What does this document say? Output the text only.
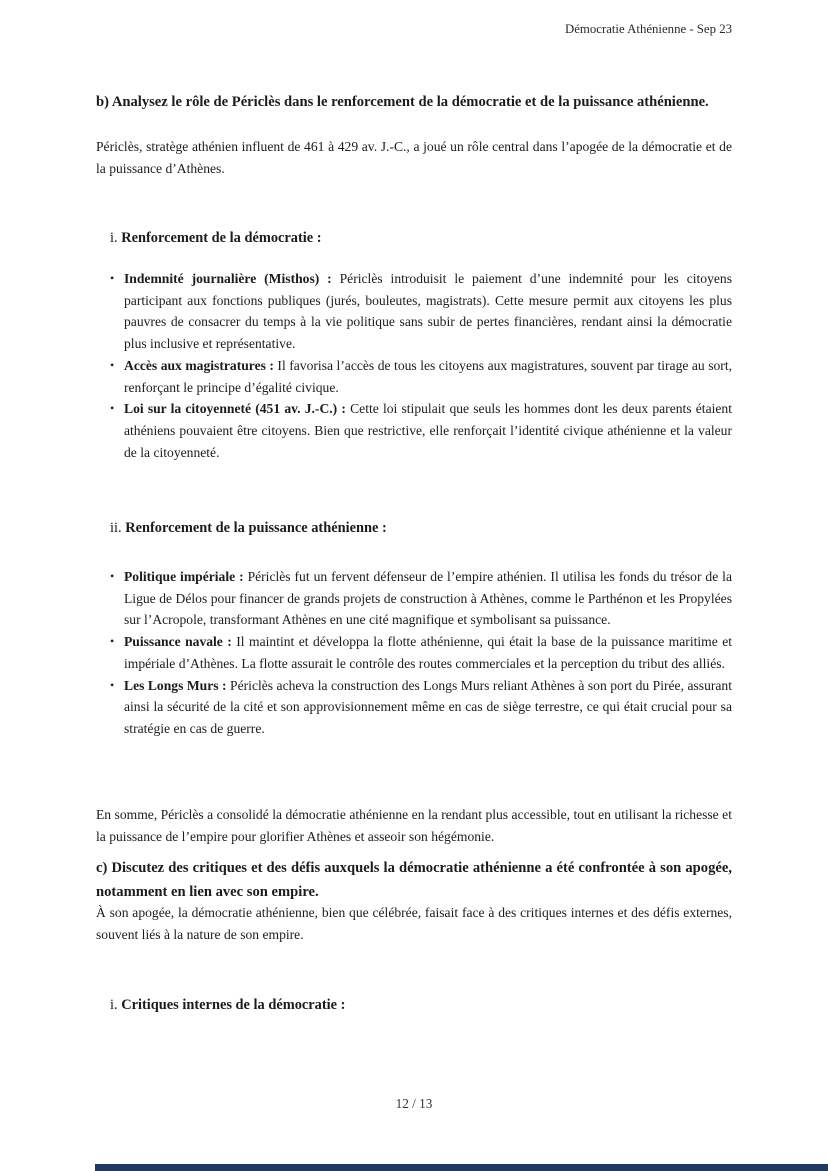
Démocratie Athénienne - Sep 23
b) Analysez le rôle de Périclès dans le renforcement de la démocratie et de la puissance athénienne.

Périclès, stratège athénien influent de 461 à 429 av. J.-C., a joué un rôle central dans l’apogée de la démocratie et de la puissance d’Athènes.

i. Renforcement de la démocratie :
• Indemnité journalière (Misthos) : Périclès introduisit le paiement d’une indemnité pour les citoyens participant aux fonctions publiques (jurés, bouleutes, magistrats). Cette mesure permit aux citoyens les plus pauvres de consacrer du temps à la vie politique sans subir de pertes financières, rendant ainsi la démocratie plus inclusive et représentative.

• Accès aux magistratures : Il favorisa l’accès de tous les citoyens aux magistratures, souvent par tirage au sort, renforçant le principe d’égalité civique.

• Loi sur la citoyenneté (451 av. J.-C.) : Cette loi stipulait que seuls les hommes dont les deux parents étaient athéniens pouvaient être citoyens. Bien que restrictive, elle renforçait l’identité civique athénienne et la valeur de la citoyenneté.

ii. Renforcement de la puissance athénienne :
• Politique impériale : Périclès fut un fervent défenseur de l’empire athénien. Il utilisa les fonds du trésor de la Ligue de Délos pour financer de grands projets de construction à Athènes, comme le Parthénon et les Propylées sur l’Acropole, transformant Athènes en une cité magnifique et symbolisant sa puissance.

• Puissance navale : Il maintint et développa la flotte athénienne, qui était la base de la puissance maritime et impériale d’Athènes. La flotte assurait le contrôle des routes commerciales et la perception du tribut des alliés.

• Les Longs Murs : Périclès acheva la construction des Longs Murs reliant Athènes à son port du Pirée, assurant ainsi la sécurité de la cité et son approvisionnement même en cas de siège terrestre, ce qui était crucial pour sa stratégie en cas de guerre.

En somme, Périclès a consolidé la démocratie athénienne en la rendant plus accessible, tout en utilisant la richesse et la puissance de l’empire pour glorifier Athènes et asseoir son hégémonie.

c) Discutez des critiques et des défis auxquels la démocratie athénienne a été confrontée à son apogée, notamment en lien avec son empire.

À son apogée, la démocratie athénienne, bien que célébrée, faisait face à des critiques internes et des défis externes, souvent liés à la nature de son empire.

i. Critiques internes de la démocratie :
12 / 13
